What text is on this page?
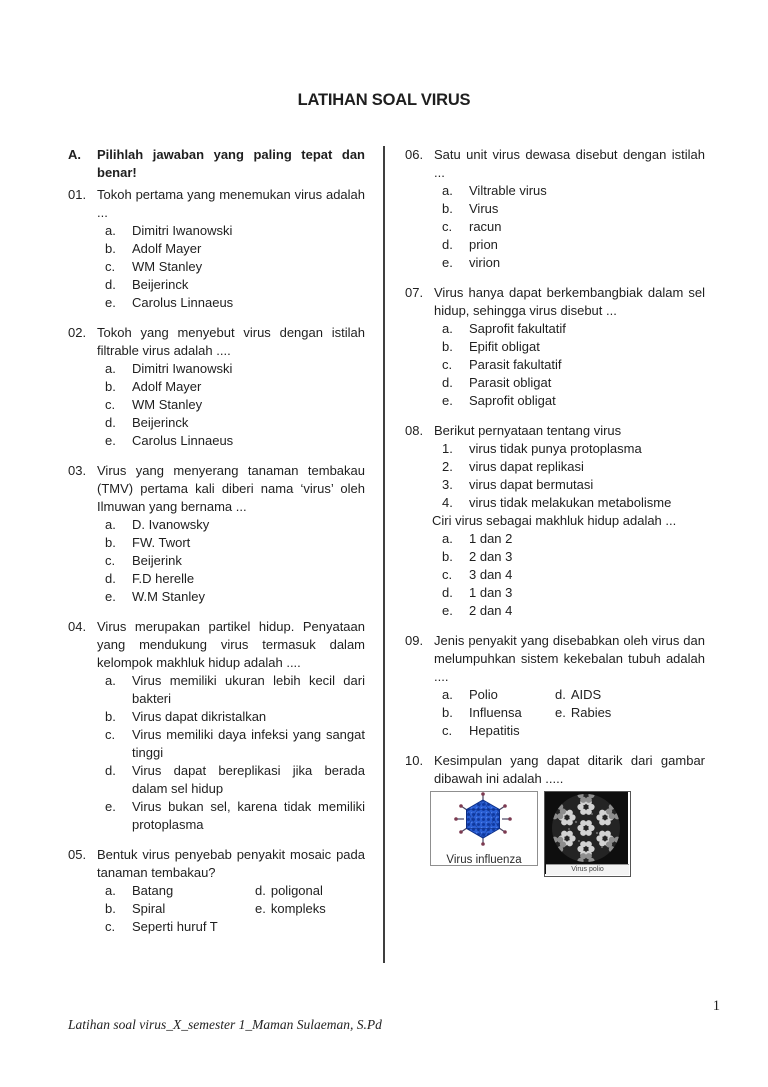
LATIHAN SOAL VIRUS
A.	Pilihlah jawaban yang paling tepat dan benar!
01. Tokoh pertama yang menemukan virus adalah ...
a.	Dimitri Iwanowski
b.	Adolf Mayer
c.	WM Stanley
d.	Beijerinck
e.	Carolus Linnaeus
02. Tokoh yang menyebut virus dengan istilah filtrable virus adalah ....
a.	Dimitri Iwanowski
b.	Adolf Mayer
c.	WM Stanley
d.	Beijerinck
e.	Carolus Linnaeus
03. Virus yang menyerang tanaman tembakau (TMV) pertama kali diberi nama ‘virus’ oleh Ilmuwan yang bernama ...
a.	D. Ivanowsky
b.	FW. Twort
c.	Beijerink
d.	F.D herelle
e.	W.M Stanley
04. Virus merupakan partikel hidup. Penyataan yang mendukung virus termasuk dalam kelompok makhluk hidup adalah ....
a.	Virus memiliki ukuran lebih kecil dari bakteri
b.	Virus dapat dikristalkan
c.	Virus memiliki daya infeksi yang sangat tinggi
d.	Virus dapat bereplikasi jika berada dalam sel hidup
e.	Virus bukan sel, karena tidak memiliki protoplasma
05. Bentuk virus penyebab penyakit mosaic pada tanaman tembakau?
a.	Batang	d. poligonal
b.	Spiral	e. kompleks
c.	Seperti huruf T
06. Satu unit virus dewasa disebut dengan istilah ...
a.	Viltrable virus
b.	Virus
c.	racun
d.	prion
e.	virion
07. Virus hanya dapat berkembangbiak dalam sel hidup, sehingga virus disebut ...
a.	Saprofit fakultatif
b.	Epifit obligat
c.	Parasit fakultatif
d.	Parasit obligat
e.	Saprofit obligat
08. Berikut pernyataan tentang virus
1.	virus tidak punya protoplasma
2.	virus dapat replikasi
3.	virus dapat bermutasi
4.	virus tidak melakukan metabolisme
Ciri virus sebagai makhluk hidup adalah ...
a.	1 dan 2
b.	2 dan 3
c.	3 dan 4
d.	1 dan 3
e.	2 dan 4
09. Jenis penyakit yang disebabkan oleh virus dan melumpuhkan sistem kekebalan tubuh adalah ....
a.	Polio	d. AIDS
b.	Influensa	e. Rabies
c.	Hepatitis
10. Kesimpulan yang dapat ditarik dari gambar dibawah ini adalah .....
Virus influenza
Virus polio
1
Latihan soal virus_X_semester 1_Maman Sulaeman, S.Pd
